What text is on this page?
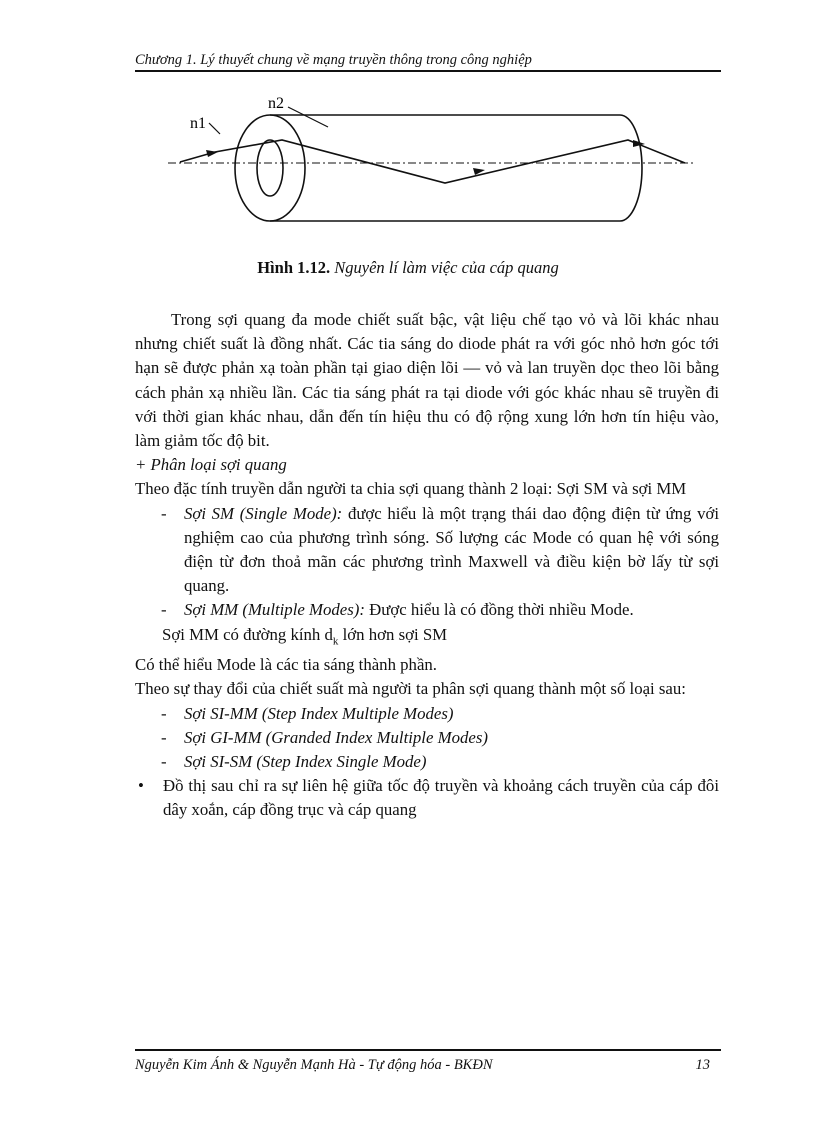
Chương 1. Lý thuyết chung về mạng truyền thông trong công nghiệp
n1
n2
Hình 1.12. Nguyên lí làm việc của cáp quang

Trong sợi quang đa mode chiết suất bậc, vật liệu chế tạo vỏ và lõi khác nhau nhưng chiết suất là đồng nhất. Các tia sáng do diode phát ra với góc nhỏ hơn góc tới hạn sẽ được phản xạ toàn phần tại giao diện lõi — vỏ và lan truyền dọc theo lõi bằng cách phản xạ nhiều lần. Các tia sáng phát ra tại diode với góc khác nhau sẽ truyền đi với thời gian khác nhau, dẫn đến tín hiệu thu có độ rộng xung lớn hơn tín hiệu vào, làm giảm tốc độ bit.

+ Phân loại sợi quang

Theo đặc tính truyền dẫn người ta chia sợi quang thành 2 loại: Sợi SM và sợi MM

- Sợi SM (Single Mode): được hiểu là một trạng thái dao động điện từ ứng với nghiệm cao của phương trình sóng. Số lượng các Mode có quan hệ với sóng điện từ đơn thoả mãn các phương trình Maxwell và điều kiện bờ lấy từ sợi quang.

- Sợi MM (Multiple Modes): Được hiểu là có đồng thời nhiều Mode.

Sợi MM có đường kính $d_k$ lớn hơn sợi SM

Có thể hiểu Mode là các tia sáng thành phần.

Theo sự thay đổi của chiết suất mà người ta phân sợi quang thành một số loại sau:

- Sợi SI-MM (Step Index Multiple Modes)

- Sợi GI-MM (Granded Index Multiple Modes)

- Sợi SI-SM (Step Index Single Mode)

• Đồ thị sau chỉ ra sự liên hệ giữa tốc độ truyền và khoảng cách truyền của cáp đôi dây xoắn, cáp đồng trục và cáp quang

Nguyễn Kim Ánh & Nguyễn Mạnh Hà - Tự động hóa - BKĐN	13
